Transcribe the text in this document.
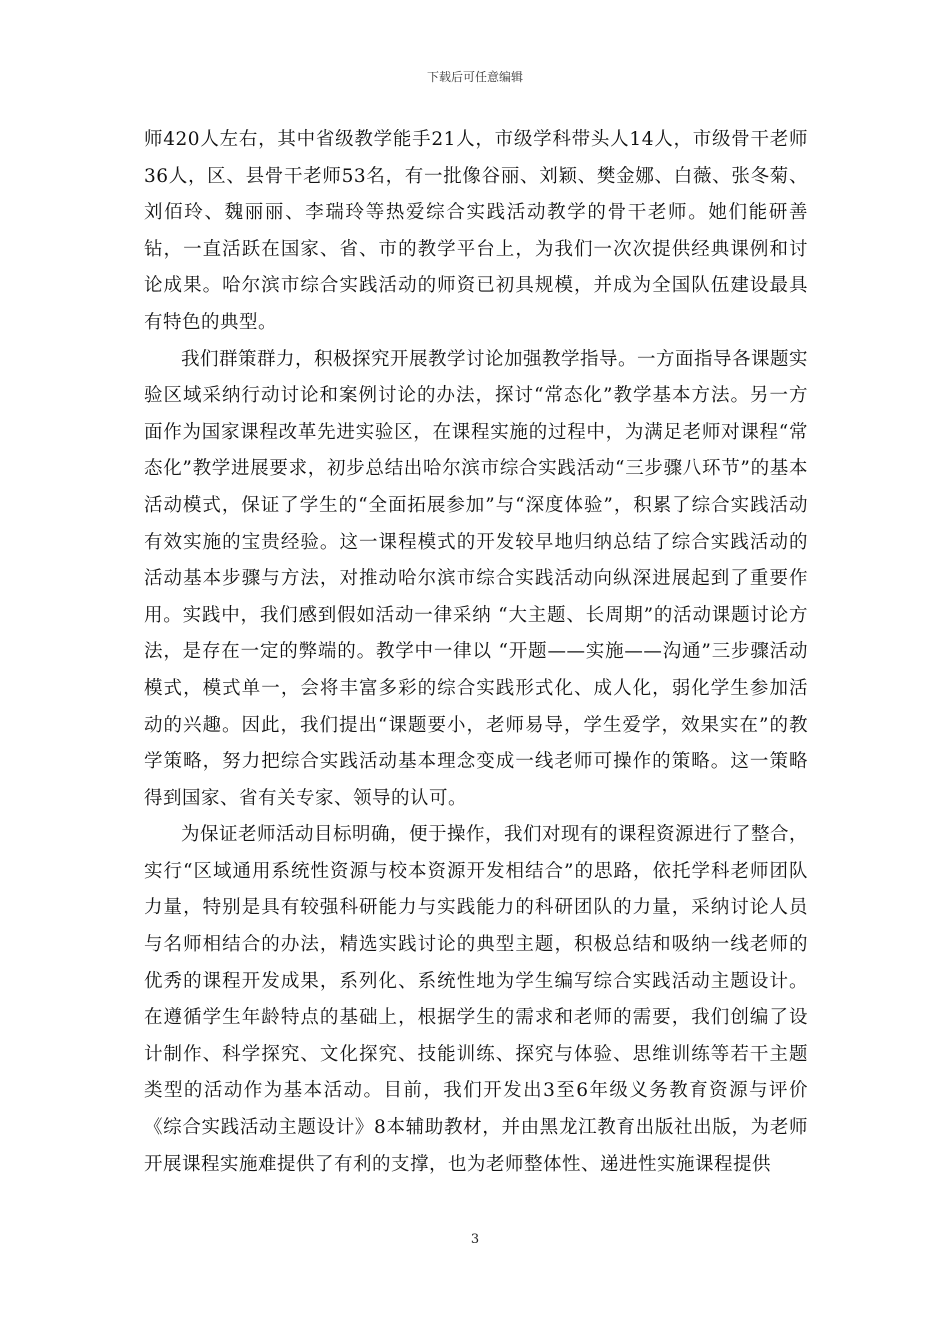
下载后可任意编辑

师420人左右，其中省级教学能手21人，市级学科带头人14人，市级骨干老师36人，区、县骨干老师53名，有一批像谷丽、刘颖、樊金娜、白薇、张冬菊、刘佰玲、魏丽丽、李瑞玲等热爱综合实践活动教学的骨干老师。她们能研善钻，一直活跃在国家、省、市的教学平台上，为我们一次次提供经典课例和讨论成果。哈尔滨市综合实践活动的师资已初具规模，并成为全国队伍建设最具有特色的典型。

我们群策群力，积极探究开展教学讨论加强教学指导。一方面指导各课题实验区域采纳行动讨论和案例讨论的办法，探讨“常态化”教学基本方法。另一方面作为国家课程改革先进实验区，在课程实施的过程中，为满足老师对课程“常态化”教学进展要求，初步总结出哈尔滨市综合实践活动“三步骤八环节”的基本活动模式，保证了学生的“全面拓展参加”与“深度体验”，积累了综合实践活动有效实施的宝贵经验。这一课程模式的开发较早地归纳总结了综合实践活动的活动基本步骤与方法，对推动哈尔滨市综合实践活动向纵深进展起到了重要作用。实践中，我们感到假如活动一律采纳 “大主题、长周期”的活动课题讨论方法，是存在一定的弊端的。教学中一律以 “开题——实施——沟通”三步骤活动模式，模式单一，会将丰富多彩的综合实践形式化、成人化，弱化学生参加活动的兴趣。因此，我们提出“课题要小，老师易导，学生爱学，效果实在”的教学策略，努力把综合实践活动基本理念变成一线老师可操作的策略。这一策略得到国家、省有关专家、领导的认可。

为保证老师活动目标明确，便于操作，我们对现有的课程资源进行了整合，实行“区域通用系统性资源与校本资源开发相结合”的思路，依托学科老师团队力量，特别是具有较强科研能力与实践能力的科研团队的力量，采纳讨论人员与名师相结合的办法，精选实践讨论的典型主题，积极总结和吸纳一线老师的优秀的课程开发成果，系列化、系统性地为学生编写综合实践活动主题设计。在遵循学生年龄特点的基础上，根据学生的需求和老师的需要，我们创编了设计制作、科学探究、文化探究、技能训练、探究与体验、思维训练等若干主题类型的活动作为基本活动。目前，我们开发出3至6年级义务教育资源与评价《综合实践活动主题设计》8本辅助教材，并由黑龙江教育出版社出版，为老师开展课程实施难提供了有利的支撑，也为老师整体性、递进性实施课程提供

3
